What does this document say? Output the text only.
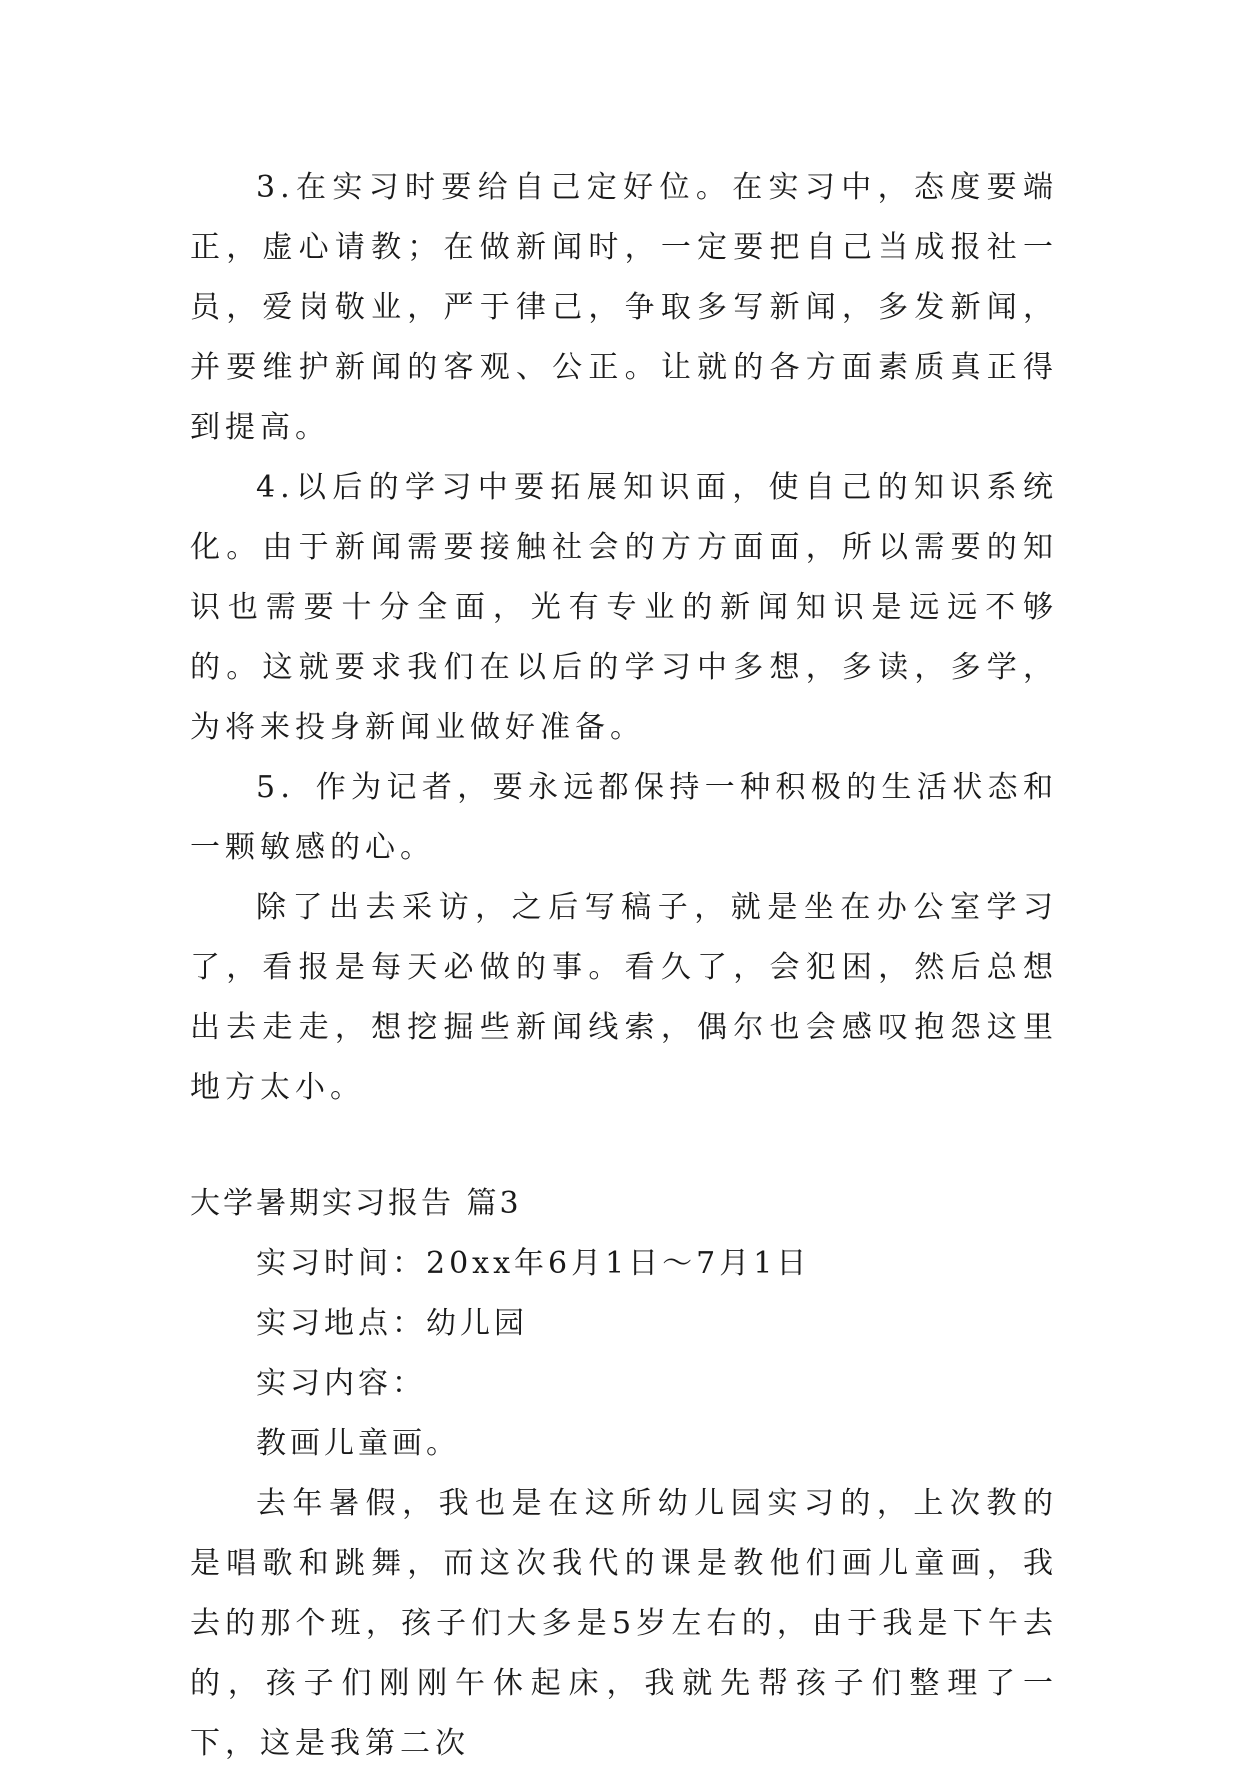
3.在实习时要给自己定好位。在实习中，态度要端正，虚心请教；在做新闻时，一定要把自己当成报社一员，爱岗敬业，严于律己，争取多写新闻，多发新闻，并要维护新闻的客观、公正。让就的各方面素质真正得到提高。

4.以后的学习中要拓展知识面，使自己的知识系统化。由于新闻需要接触社会的方方面面，所以需要的知识也需要十分全面，光有专业的新闻知识是远远不够的。这就要求我们在以后的学习中多想，多读，多学，为将来投身新闻业做好准备。

5．作为记者，要永远都保持一种积极的生活状态和一颗敏感的心。

除了出去采访，之后写稿子，就是坐在办公室学习了，看报是每天必做的事。看久了，会犯困，然后总想出去走走，想挖掘些新闻线索，偶尔也会感叹抱怨这里地方太小。

大学暑期实习报告 篇3

实习时间：20xx年6月1日～7月1日

实习地点：幼儿园

实习内容：

教画儿童画。

去年暑假，我也是在这所幼儿园实习的，上次教的是唱歌和跳舞，而这次我代的课是教他们画儿童画，我去的那个班，孩子们大多是5岁左右的，由于我是下午去的，孩子们刚刚午休起床，我就先帮孩子们整理了一下，这是我第二次
